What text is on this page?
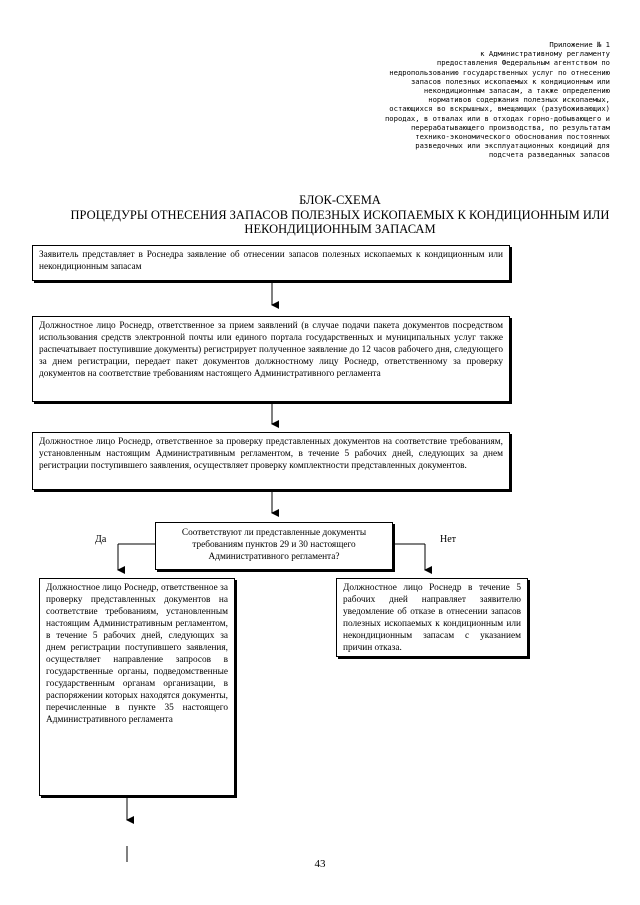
Приложение № 1
к Административному регламенту
предоставления Федеральным агентством по
недропользованию государственных услуг по отнесению
запасов полезных ископаемых к кондиционным или
некондиционным запасам, а также определению
нормативов содержания полезных ископаемых,
остающихся во вскрышных, вмещающих (разубоживающих)
породах, в отвалах или в отходах горно-добывающего и
перерабатывающего производства, по результатам
технико-экономического обоснования постоянных
разведочных или эксплуатационных кондиций для
подсчета разведанных запасов
БЛОК-СХЕМА
ПРОЦЕДУРЫ ОТНЕСЕНИЯ ЗАПАСОВ ПОЛЕЗНЫХ ИСКОПАЕМЫХ К КОНДИЦИОННЫМ ИЛИ
НЕКОНДИЦИОННЫМ ЗАПАСАМ
Заявитель представляет в Роснедра заявление об отнесении запасов полезных ископаемых к кондиционным или некондиционным запасам
Должностное лицо Роснедр, ответственное за прием заявлений (в случае подачи пакета документов посредством использования средств электронной почты или единого портала государственных и муниципальных услуг также распечатывает поступившие документы) регистрирует полученное заявление до 12 часов рабочего дня, следующего за днем регистрации, передает пакет документов должностному лицу Роснедр, ответственному за проверку документов на соответствие требованиям настоящего Административного регламента
Должностное лицо Роснедр, ответственное за проверку представленных документов на соответствие требованиям, установленным настоящим Административным регламентом, в течение 5 рабочих дней, следующих за днем регистрации поступившего заявления, осуществляет проверку комплектности представленных документов.
Соответствуют ли представленные документы требованиям пунктов 29 и 30 настоящего Административного регламента?
Да	Нет
Должностное лицо Роснедр, ответственное за проверку представленных документов на соответствие требованиям, установленным настоящим Административным регламентом, в течение 5 рабочих дней, следующих за днем регистрации поступившего заявления, осуществляет направление запросов в государственные органы, подведомственные государственным органам организации, в распоряжении которых находятся документы, перечисленные в пункте 35 настоящего Административного регламента
Должностное лицо Роснедр в течение 5 рабочих дней направляет заявителю уведомление об отказе в отнесении запасов полезных ископаемых к кондиционным или некондиционным запасам с указанием причин отказа.
43
